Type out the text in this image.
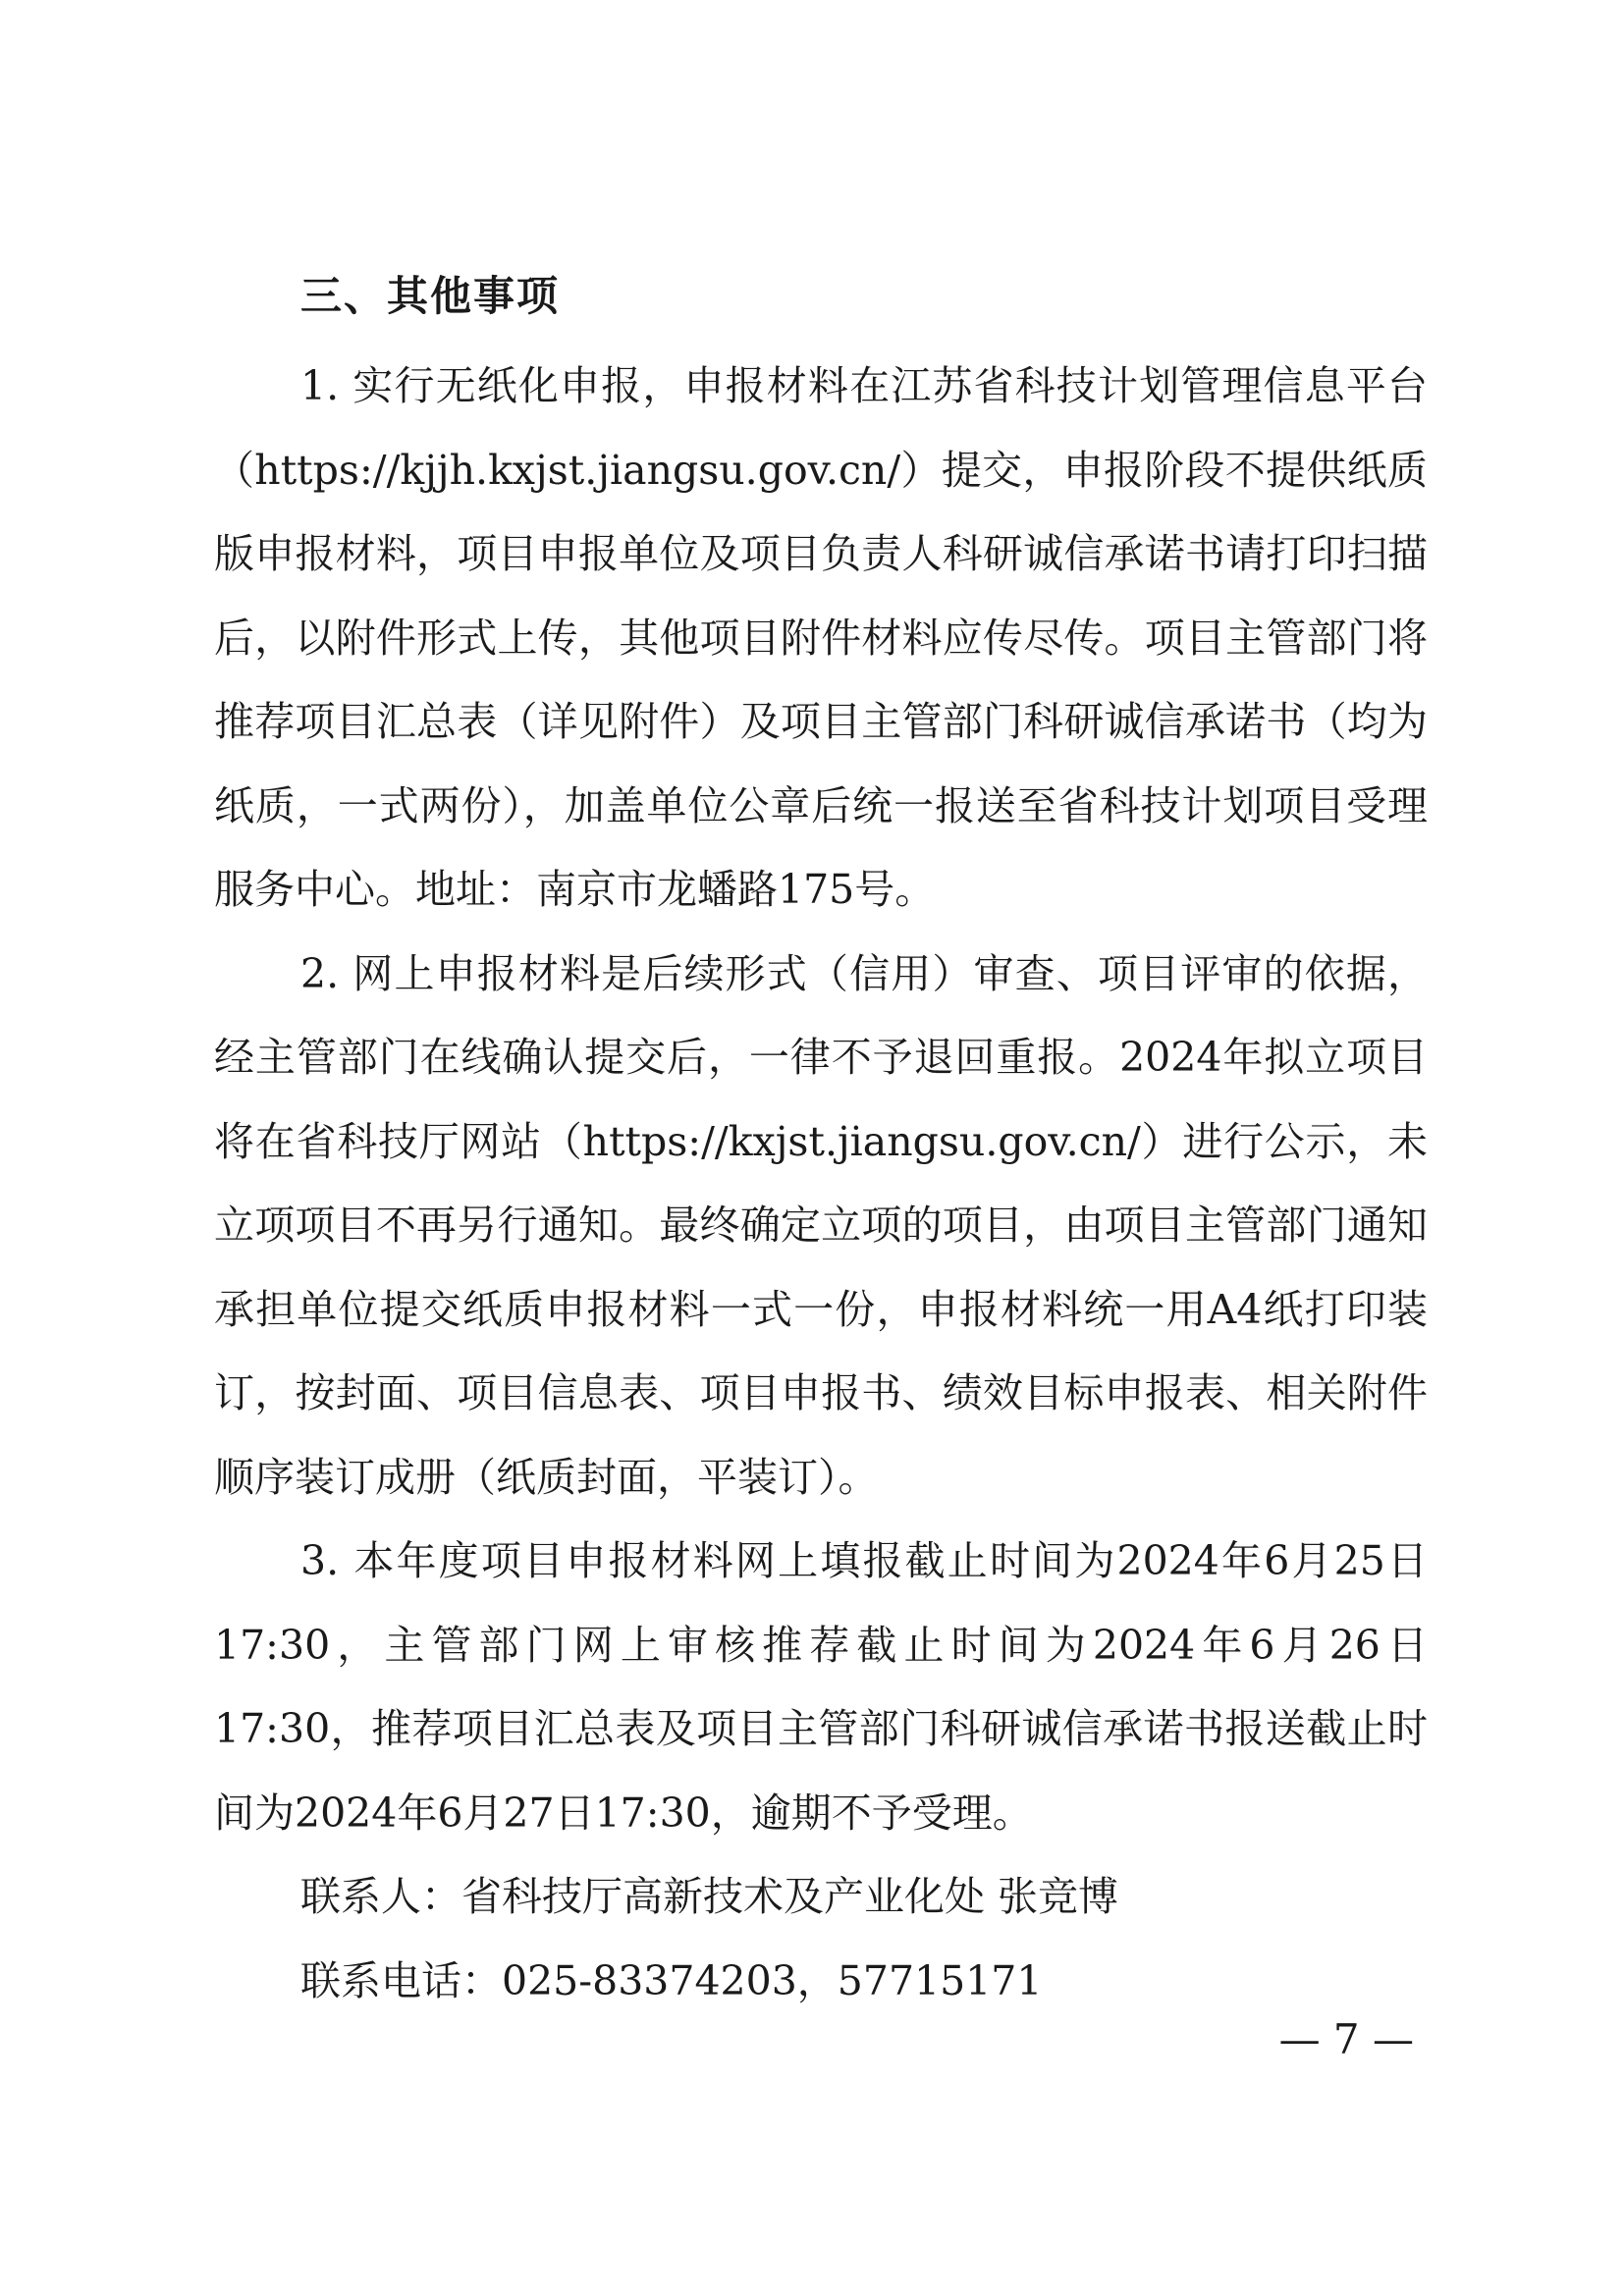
三、其他事项

1. 实行无纸化申报，申报材料在江苏省科技计划管理信息平台（https://kjjh.kxjst.jiangsu.gov.cn/）提交，申报阶段不提供纸质版申报材料，项目申报单位及项目负责人科研诚信承诺书请打印扫描后，以附件形式上传，其他项目附件材料应传尽传。项目主管部门将推荐项目汇总表（详见附件）及项目主管部门科研诚信承诺书（均为纸质，一式两份），加盖单位公章后统一报送至省科技计划项目受理服务中心。地址：南京市龙蟠路175号。

2. 网上申报材料是后续形式（信用）审查、项目评审的依据，经主管部门在线确认提交后，一律不予退回重报。2024年拟立项目将在省科技厅网站（https://kxjst.jiangsu.gov.cn/）进行公示，未立项项目不再另行通知。最终确定立项的项目，由项目主管部门通知承担单位提交纸质申报材料一式一份，申报材料统一用A4纸打印装订，按封面、项目信息表、项目申报书、绩效目标申报表、相关附件顺序装订成册（纸质封面，平装订）。

3. 本年度项目申报材料网上填报截止时间为2024年6月25日17:30，主管部门网上审核推荐截止时间为2024年6月26日17:30，推荐项目汇总表及项目主管部门科研诚信承诺书报送截止时间为2024年6月27日17:30，逾期不予受理。

联系人：省科技厅高新技术及产业化处 张竞博
联系电话：025-83374203，57715171
— 7 —
